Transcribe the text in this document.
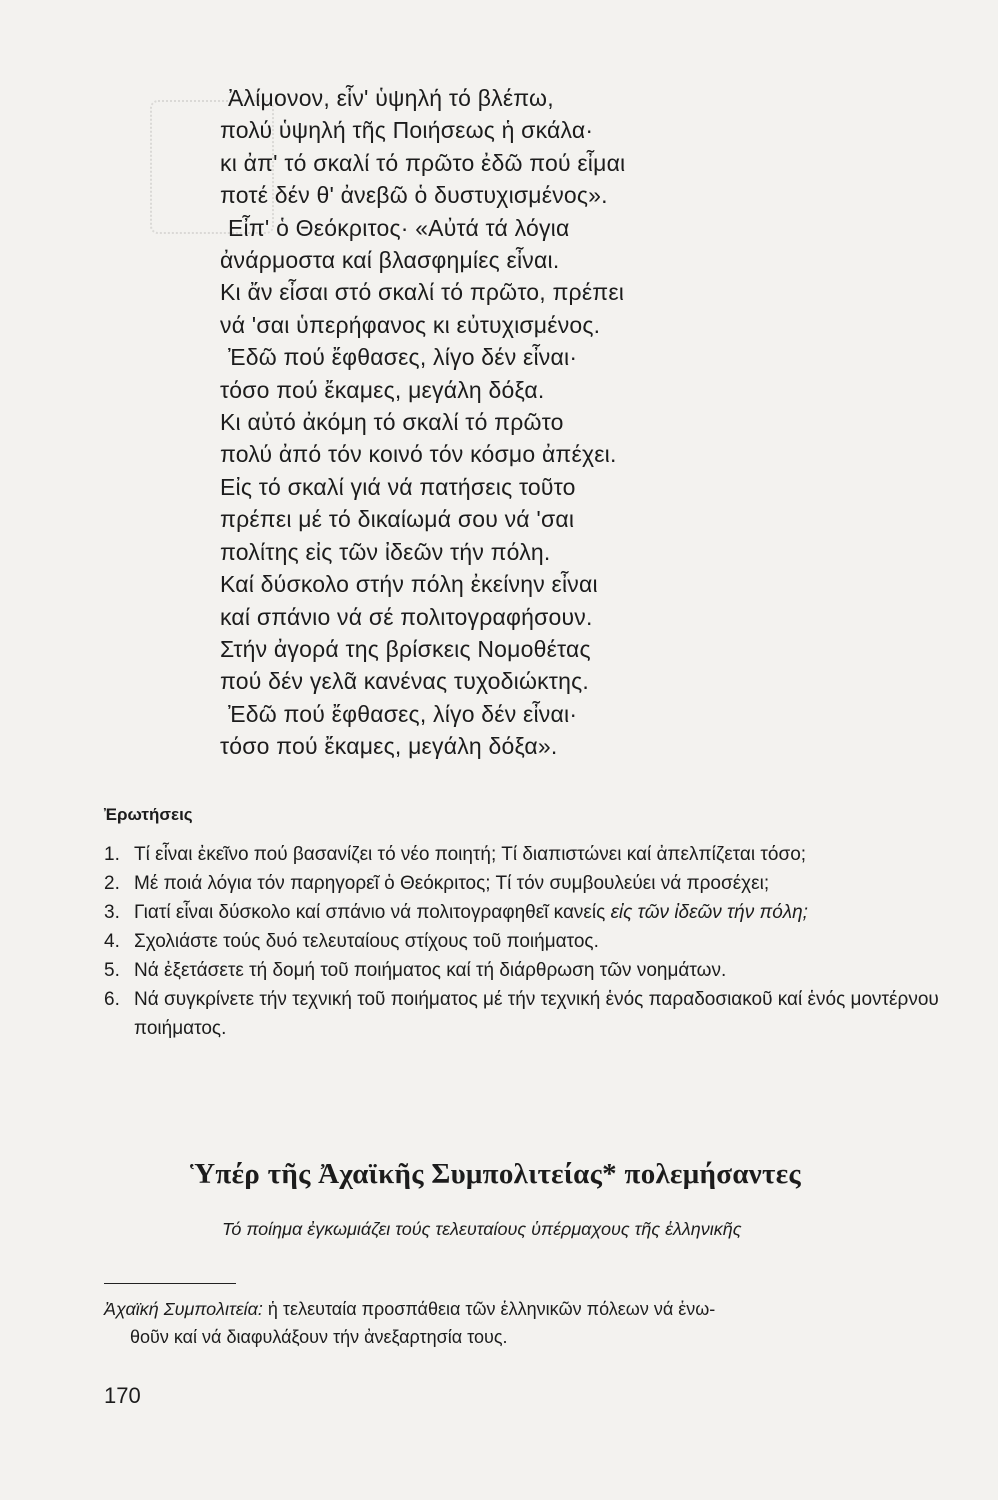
Ἀλίμονον, εἶν' ὑψηλή τό βλέπω,
πολύ ὑψηλή τῆς Ποιήσεως ἡ σκάλα·
κι ἀπ' τό σκαλί τό πρῶτο ἐδῶ πού εἶμαι
ποτέ δέν θ' ἀνεβῶ ὁ δυστυχισμένος».
Εἶπ' ὁ Θεόκριτος· «Αὐτά τά λόγια
ἀνάρμοστα καί βλασφημίες εἶναι.
Κι ἄν εἶσαι στό σκαλί τό πρῶτο, πρέπει
νά 'σαι ὑπερήφανος κι εὐτυχισμένος.
Ἐδῶ πού ἔφθασες, λίγο δέν εἶναι·
τόσο πού ἔκαμες, μεγάλη δόξα.
Κι αὐτό ἀκόμη τό σκαλί τό πρῶτο
πολύ ἀπό τόν κοινό τόν κόσμο ἀπέχει.
Εἰς τό σκαλί γιά νά πατήσεις τοῦτο
πρέπει μέ τό δικαίωμά σου νά 'σαι
πολίτης εἰς τῶν ἰδεῶν τήν πόλη.
Καί δύσκολο στήν πόλη ἐκείνην εἶναι
καί σπάνιο νά σέ πολιτογραφήσουν.
Στήν ἀγορά της βρίσκεις Νομοθέτας
πού δέν γελᾶ κανένας τυχοδιώκτης.
Ἐδῶ πού ἔφθασες, λίγο δέν εἶναι·
τόσο πού ἔκαμες, μεγάλη δόξα».
Ἐρωτήσεις
1. Τί εἶναι ἐκεῖνο πού βασανίζει τό νέο ποιητή; Τί διαπιστώνει καί ἀπελπίζεται τόσο;
2. Μέ ποιά λόγια τόν παρηγορεῖ ὁ Θεόκριτος; Τί τόν συμβουλεύει νά προσέχει;
3. Γιατί εἶναι δύσκολο καί σπάνιο νά πολιτογραφηθεῖ κανείς εἰς τῶν ἰδεῶν τήν πόλη;
4. Σχολιάστε τούς δυό τελευταίους στίχους τοῦ ποιήματος.
5. Νά ἐξετάσετε τή δομή τοῦ ποιήματος καί τή διάρθρωση τῶν νοημάτων.
6. Νά συγκρίνετε τήν τεχνική τοῦ ποιήματος μέ τήν τεχνική ἑνός παραδοσιακοῦ καί ἑνός μοντέρνου ποιήματος.
Ὑπέρ τῆς Ἀχαϊκῆς Συμπολιτείας* πολεμήσαντες
Τό ποίημα ἐγκωμιάζει τούς τελευταίους ὑπέρμαχους τῆς ἑλληνικῆς
Ἀχαϊκή Συμπολιτεία: ἡ τελευταία προσπάθεια τῶν ἑλληνικῶν πόλεων νά ἑνω-
θοῦν καί νά διαφυλάξουν τήν ἀνεξαρτησία τους.
170
